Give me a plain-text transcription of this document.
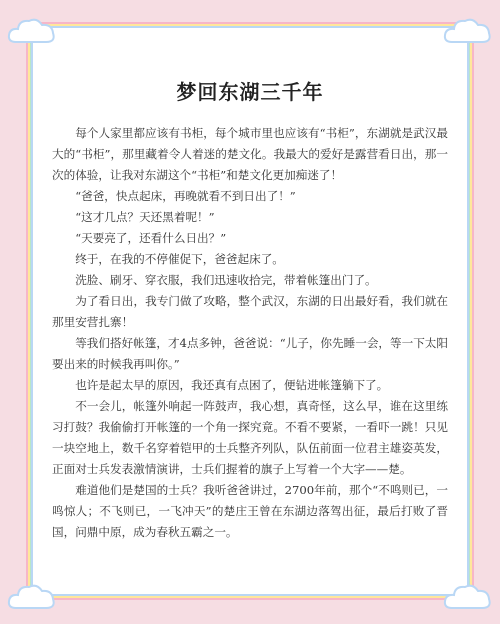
梦回东湖三千年

每个人家里都应该有书柜，每个城市里也应该有“书柜”，东湖就是武汉最大的“书柜”，那里藏着令人着迷的楚文化。我最大的爱好是露营看日出，那一次的体验，让我对东湖这个“书柜”和楚文化更加痴迷了！

“爸爸，快点起床，再晚就看不到日出了！”

“这才几点？天还黑着呢！”

“天要亮了，还看什么日出？”

终于，在我的不停催促下，爸爸起床了。

洗脸、刷牙、穿衣服，我们迅速收拾完，带着帐篷出门了。

为了看日出，我专门做了攻略，整个武汉，东湖的日出最好看，我们就在那里安营扎寨！

等我们搭好帐篷，才4点多钟，爸爸说：“儿子，你先睡一会，等一下太阳要出来的时候我再叫你。”

也许是起太早的原因，我还真有点困了，便钻进帐篷躺下了。

不一会儿，帐篷外响起一阵鼓声，我心想，真奇怪，这么早，谁在这里练习打鼓？我偷偷打开帐篷的一个角一探究竟。不看不要紧，一看吓一跳！只见一块空地上，数千名穿着铠甲的士兵整齐列队，队伍前面一位君主雄姿英发，正面对士兵发表激情演讲，士兵们握着的旗子上写着一个大字——楚。

难道他们是楚国的士兵？我听爸爸讲过，2700年前，那个“不鸣则已，一鸣惊人；不飞则已，一飞冲天”的楚庄王曾在东湖边落驾出征，最后打败了晋国，问鼎中原，成为春秋五霸之一。
